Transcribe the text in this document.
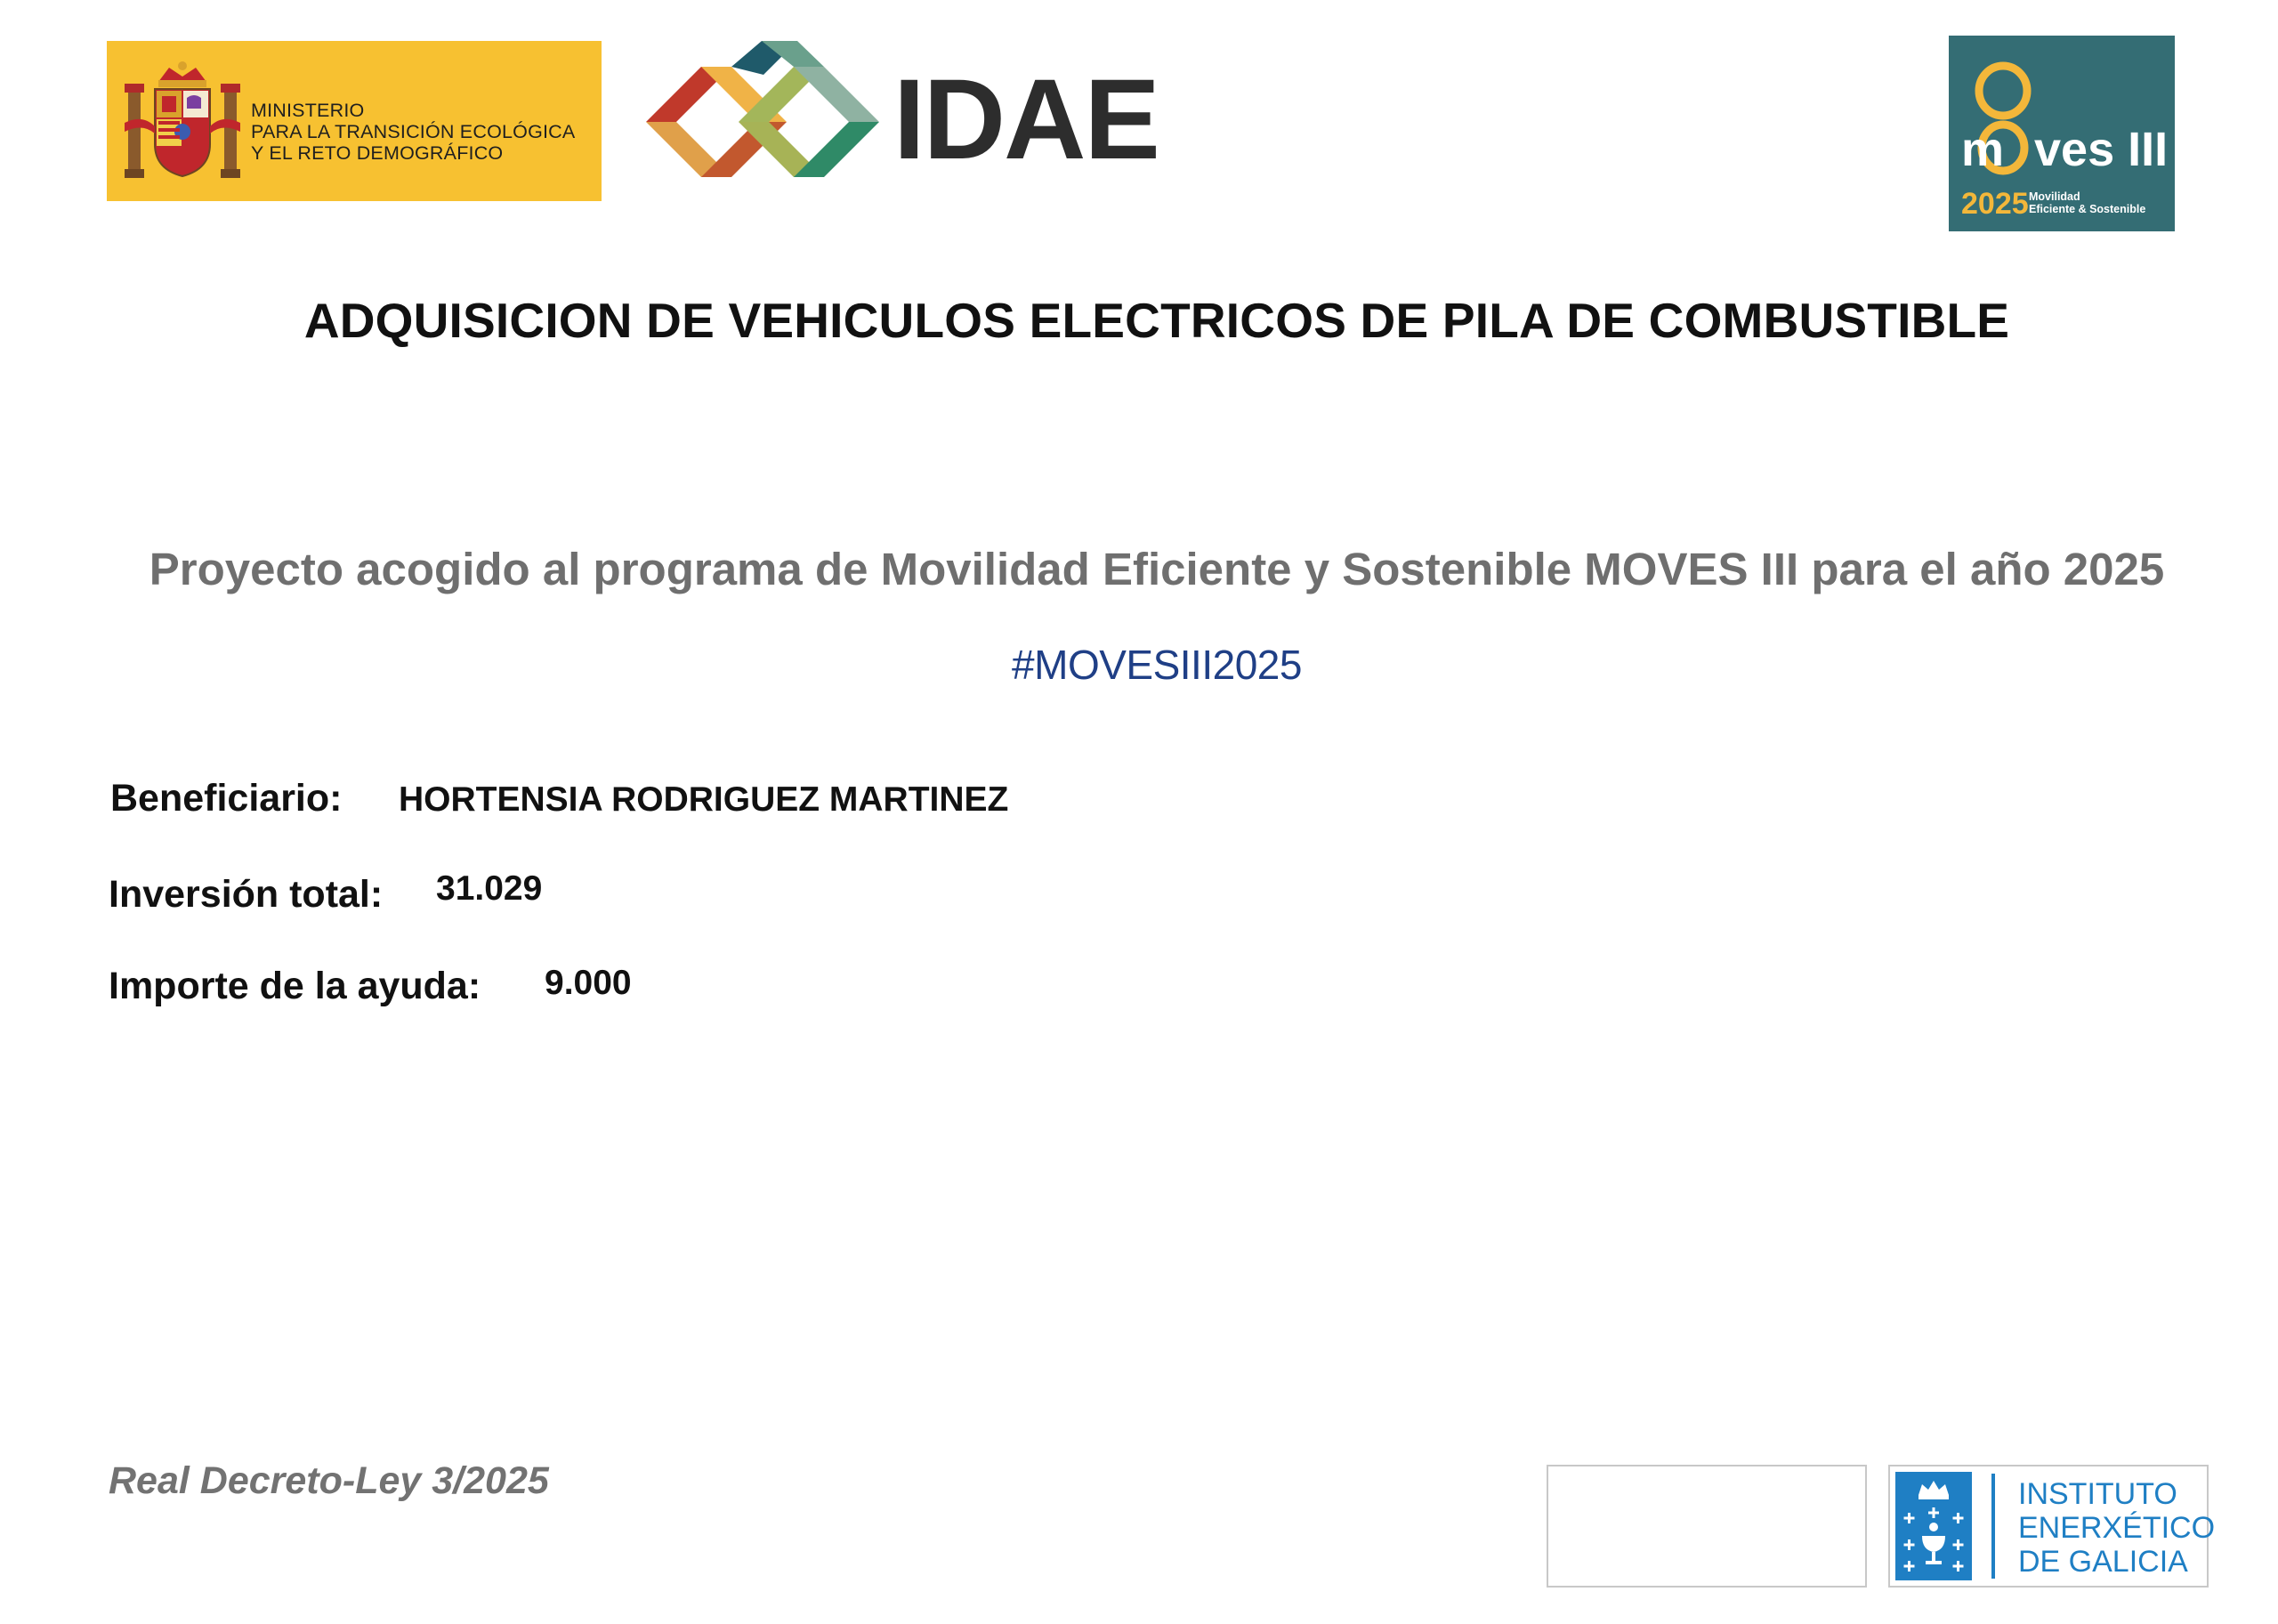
MINISTERIO
PARA LA TRANSICIÓN ECOLÓGICA
Y EL RETO DEMOGRÁFICO	IDAE	m ves III
2025 Movilidad
Eficiente & Sostenible
ADQUISICION DE VEHICULOS ELECTRICOS DE PILA DE COMBUSTIBLE
Proyecto acogido al programa de Movilidad Eficiente y Sostenible MOVES III para el año 2025
#MOVESIII2025
Beneficiario: HORTENSIA RODRIGUEZ MARTINEZ
Inversión total: 31.029
Importe de la ayuda: 9.000
Real Decreto-Ley 3/2025	INSTITUTO
ENERXÉTICO
DE GALICIA
